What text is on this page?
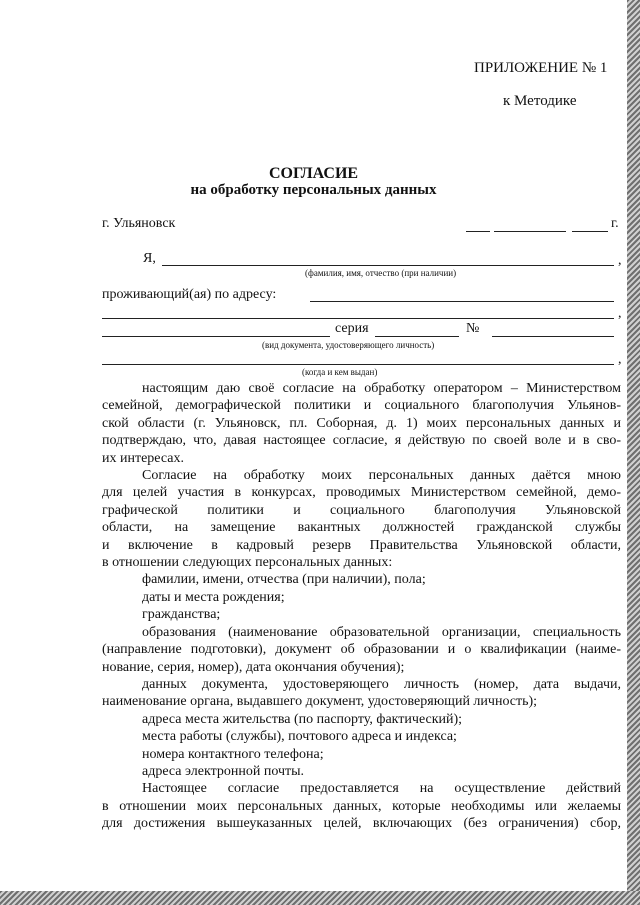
ПРИЛОЖЕНИЕ № 1
к Методике
СОГЛАСИЕ
на обработку персональных данных
г. Ульяновск	г.
Я,	,
(фамилия, имя, отчество (при наличии)
проживающий(ая) по адресу:
,
серия	№
(вид документа, удостоверяющего личность)
,
(когда и кем выдан)

настоящим даю своё согласие на обработку оператором – Министерством

семейной, демографической политики и социального благополучия Ульянов-

ской области (г. Ульяновск, пл. Соборная, д. 1) моих персональных данных и

подтверждаю, что, давая настоящее согласие, я действую по своей воле и в сво-

их интересах.

Согласие на обработку моих персональных данных даётся мною

для целей участия в конкурсах, проводимых Министерством семейной, демо-

графической политики и социального благополучия Ульяновской

области, на замещение вакантных должностей гражданской службы

и включение в кадровый резерв Правительства Ульяновской области,

в отношении следующих персональных данных:

фамилии, имени, отчества (при наличии), пола;

даты и места рождения;

гражданства;

образования (наименование образовательной организации, специальность

(направление подготовки), документ об образовании и о квалификации (наиме-

нование, серия, номер), дата окончания обучения);

данных документа, удостоверяющего личность (номер, дата выдачи,

наименование органа, выдавшего документ, удостоверяющий личность);

адреса места жительства (по паспорту, фактический);

места работы (службы), почтового адреса и индекса;

номера контактного телефона;

адреса электронной почты.

Настоящее согласие предоставляется на осуществление действий

в отношении моих персональных данных, которые необходимы или желаемы

для достижения вышеуказанных целей, включающих (без ограничения) сбор,
